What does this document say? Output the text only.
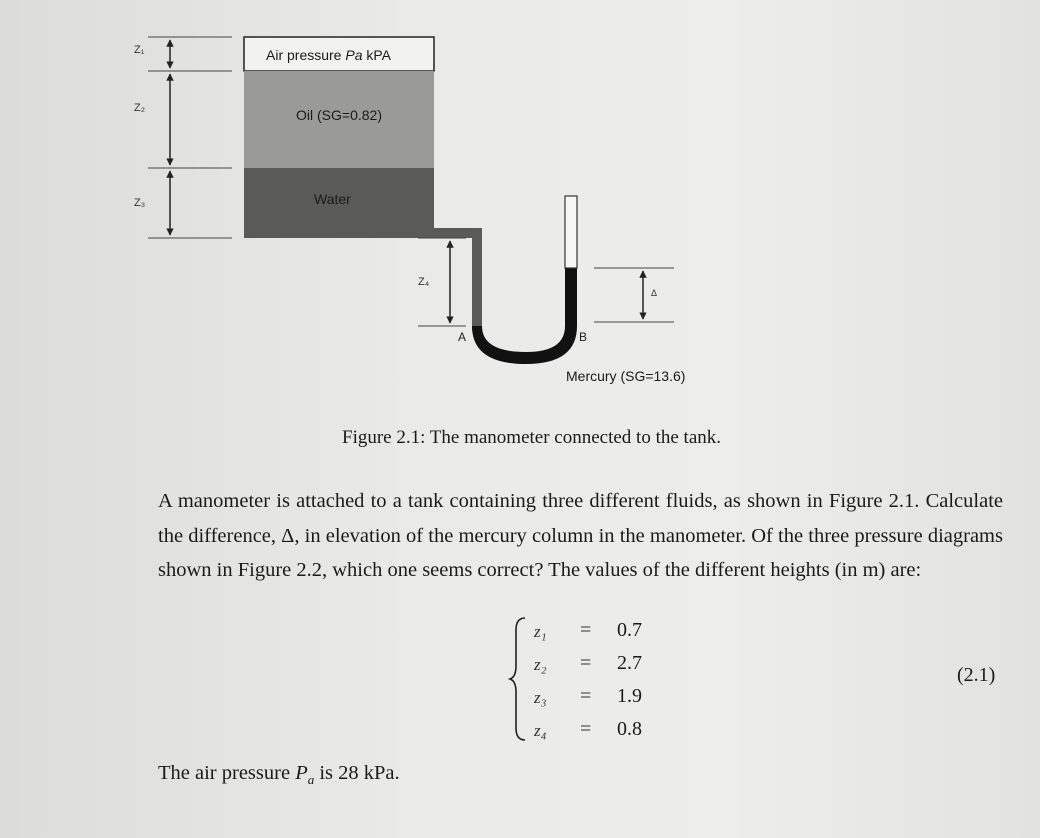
Z₁
Z₂
Z₃
Z₄
Δ
A	B
Air pressure Pa kPA
Oil (SG=0.82)
Water
Mercury (SG=13.6)
Figure 2.1: The manometer connected to the tank.
A manometer is attached to a tank containing three different fluids, as shown in Figure 2.1. Calculate the difference, Δ, in elevation of the mercury column in the manometer. Of the three pressure diagrams shown in Figure 2.2, which one seems correct? The values of the different heights (in m) are:
z₁ = 0.7
z₂ = 2.7
z₃ = 1.9
z₄ = 0.8
(2.1)
The air pressure $P_a$ is 28 kPa.
